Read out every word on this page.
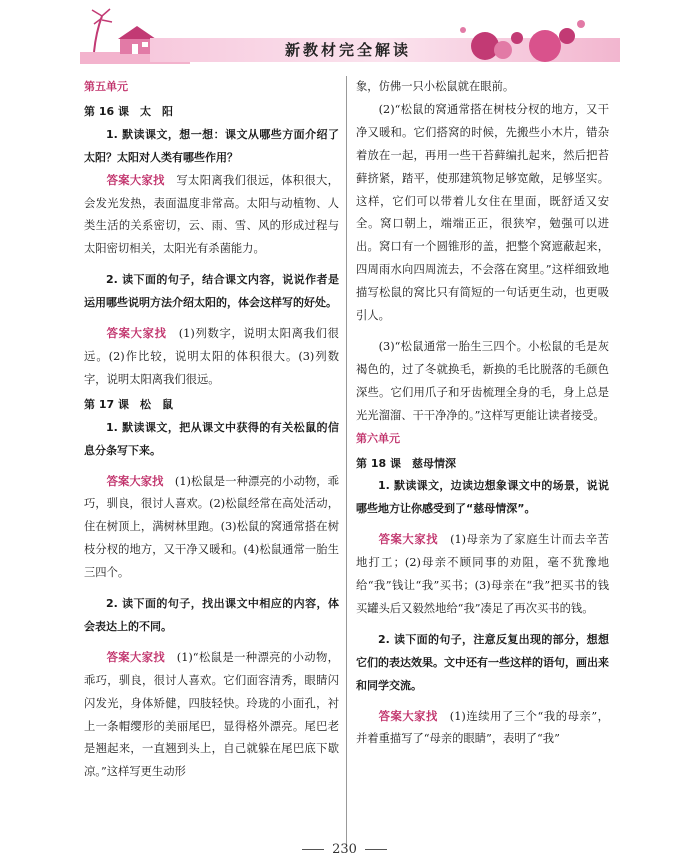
新教材完全解读
第五单元
第 16 课　太　阳

1. 默读课文，想一想：课文从哪些方面介绍了太阳？太阳对人类有哪些作用？

答案大家找　 写太阳离我们很远，体积很大，会发光发热，表面温度非常高。太阳与动植物、人类生活的关系密切，云、雨、雪、风的形成过程与太阳密切相关，太阳光有杀菌能力。

2. 读下面的句子，结合课文内容，说说作者是运用哪些说明方法介绍太阳的，体会这样写的好处。

答案大家找　 (1)列数字，说明太阳离我们很远。(2)作比较，说明太阳的体积很大。(3)列数字，说明太阳离我们很远。

第 17 课　松　鼠

1. 默读课文，把从课文中获得的有关松鼠的信息分条写下来。

答案大家找　 (1)松鼠是一种漂亮的小动物，乖巧，驯良，很讨人喜欢。(2)松鼠经常在高处活动，住在树顶上，满树林里跑。(3)松鼠的窝通常搭在树枝分杈的地方，又干净又暖和。(4)松鼠通常一胎生三四个。

2. 读下面的句子，找出课文中相应的内容，体会表达上的不同。

答案大家找　 (1)“松鼠是一种漂亮的小动物，乖巧，驯良，很讨人喜欢。它们面容清秀，眼睛闪闪发光，身体矫健，四肢轻快。玲珑的小面孔，衬上一条帽缨形的美丽尾巴，显得格外漂亮。尾巴老是翘起来，一直翘到头上，自己就躲在尾巴底下歇凉。”这样写更生动形

象，仿佛一只小松鼠就在眼前。

(2)“松鼠的窝通常搭在树枝分杈的地方，又干净又暖和。它们搭窝的时候，先搬些小木片，错杂着放在一起，再用一些干苔藓编扎起来，然后把苔藓挤紧，踏平，使那建筑物足够宽敞，足够坚实。这样，它们可以带着儿女住在里面，既舒适又安全。窝口朝上，端端正正，很狭窄，勉强可以进出。窝口有一个圆锥形的盖，把整个窝遮蔽起来，四周雨水向四周流去，不会落在窝里。”这样细致地描写松鼠的窝比只有简短的一句话更生动，也更吸引人。

(3)“松鼠通常一胎生三四个。小松鼠的毛是灰褐色的，过了冬就换毛，新换的毛比脱落的毛颜色深些。它们用爪子和牙齿梳理全身的毛，身上总是光光溜溜、干干净净的。”这样写更能让读者接受。

第六单元
第 18 课　慈母情深

1. 默读课文，边读边想象课文中的场景，说说哪些地方让你感受到了“慈母情深”。

答案大家找　 (1)母亲为了家庭生计而去辛苦地打工；(2)母亲不顾同事的劝阻，毫不犹豫地给“我”钱让“我”买书；(3)母亲在“我”把买书的钱买罐头后又毅然地给“我”凑足了再次买书的钱。

2. 读下面的句子，注意反复出现的部分，想想它们的表达效果。文中还有一些这样的语句，画出来和同学交流。

答案大家找　 (1)连续用了三个“我的母亲”，并着重描写了“母亲的眼睛”，表明了“我”

230
